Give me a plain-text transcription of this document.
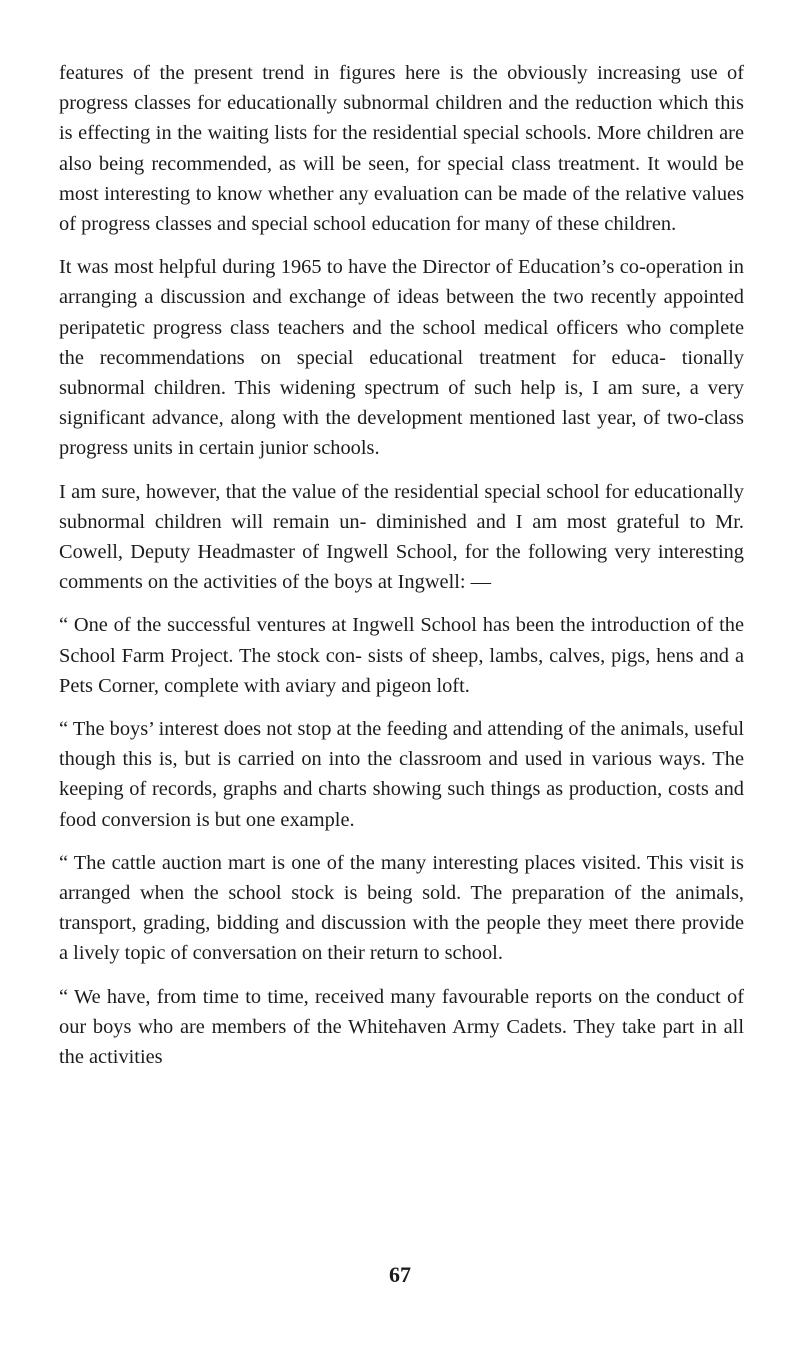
features of the present trend in figures here is the obviously increasing use of progress classes for educationally subnormal children and the reduction which this is effecting in the waiting lists for the residential special schools. More children are also being recommended, as will be seen, for special class treatment. It would be most interesting to know whether any evaluation can be made of the relative values of progress classes and special school education for many of these children.

It was most helpful during 1965 to have the Director of Education’s co-operation in arranging a discussion and exchange of ideas between the two recently appointed peripatetic progress class teachers and the school medical officers who complete the recommendations on special educational treatment for educa- tionally subnormal children. This widening spectrum of such help is, I am sure, a very significant advance, along with the development mentioned last year, of two-class progress units in certain junior schools.

I am sure, however, that the value of the residential special school for educationally subnormal children will remain un- diminished and I am most grateful to Mr. Cowell, Deputy Headmaster of Ingwell School, for the following very interesting comments on the activities of the boys at Ingwell: —

“ One of the successful ventures at Ingwell School has been the introduction of the School Farm Project. The stock con- sists of sheep, lambs, calves, pigs, hens and a Pets Corner, complete with aviary and pigeon loft.

“ The boys’ interest does not stop at the feeding and attending of the animals, useful though this is, but is carried on into the classroom and used in various ways. The keeping of records, graphs and charts showing such things as production, costs and food conversion is but one example.

“ The cattle auction mart is one of the many interesting places visited. This visit is arranged when the school stock is being sold. The preparation of the animals, transport, grading, bidding and discussion with the people they meet there provide a lively topic of conversation on their return to school.

“ We have, from time to time, received many favourable reports on the conduct of our boys who are members of the Whitehaven Army Cadets. They take part in all the activities

67
